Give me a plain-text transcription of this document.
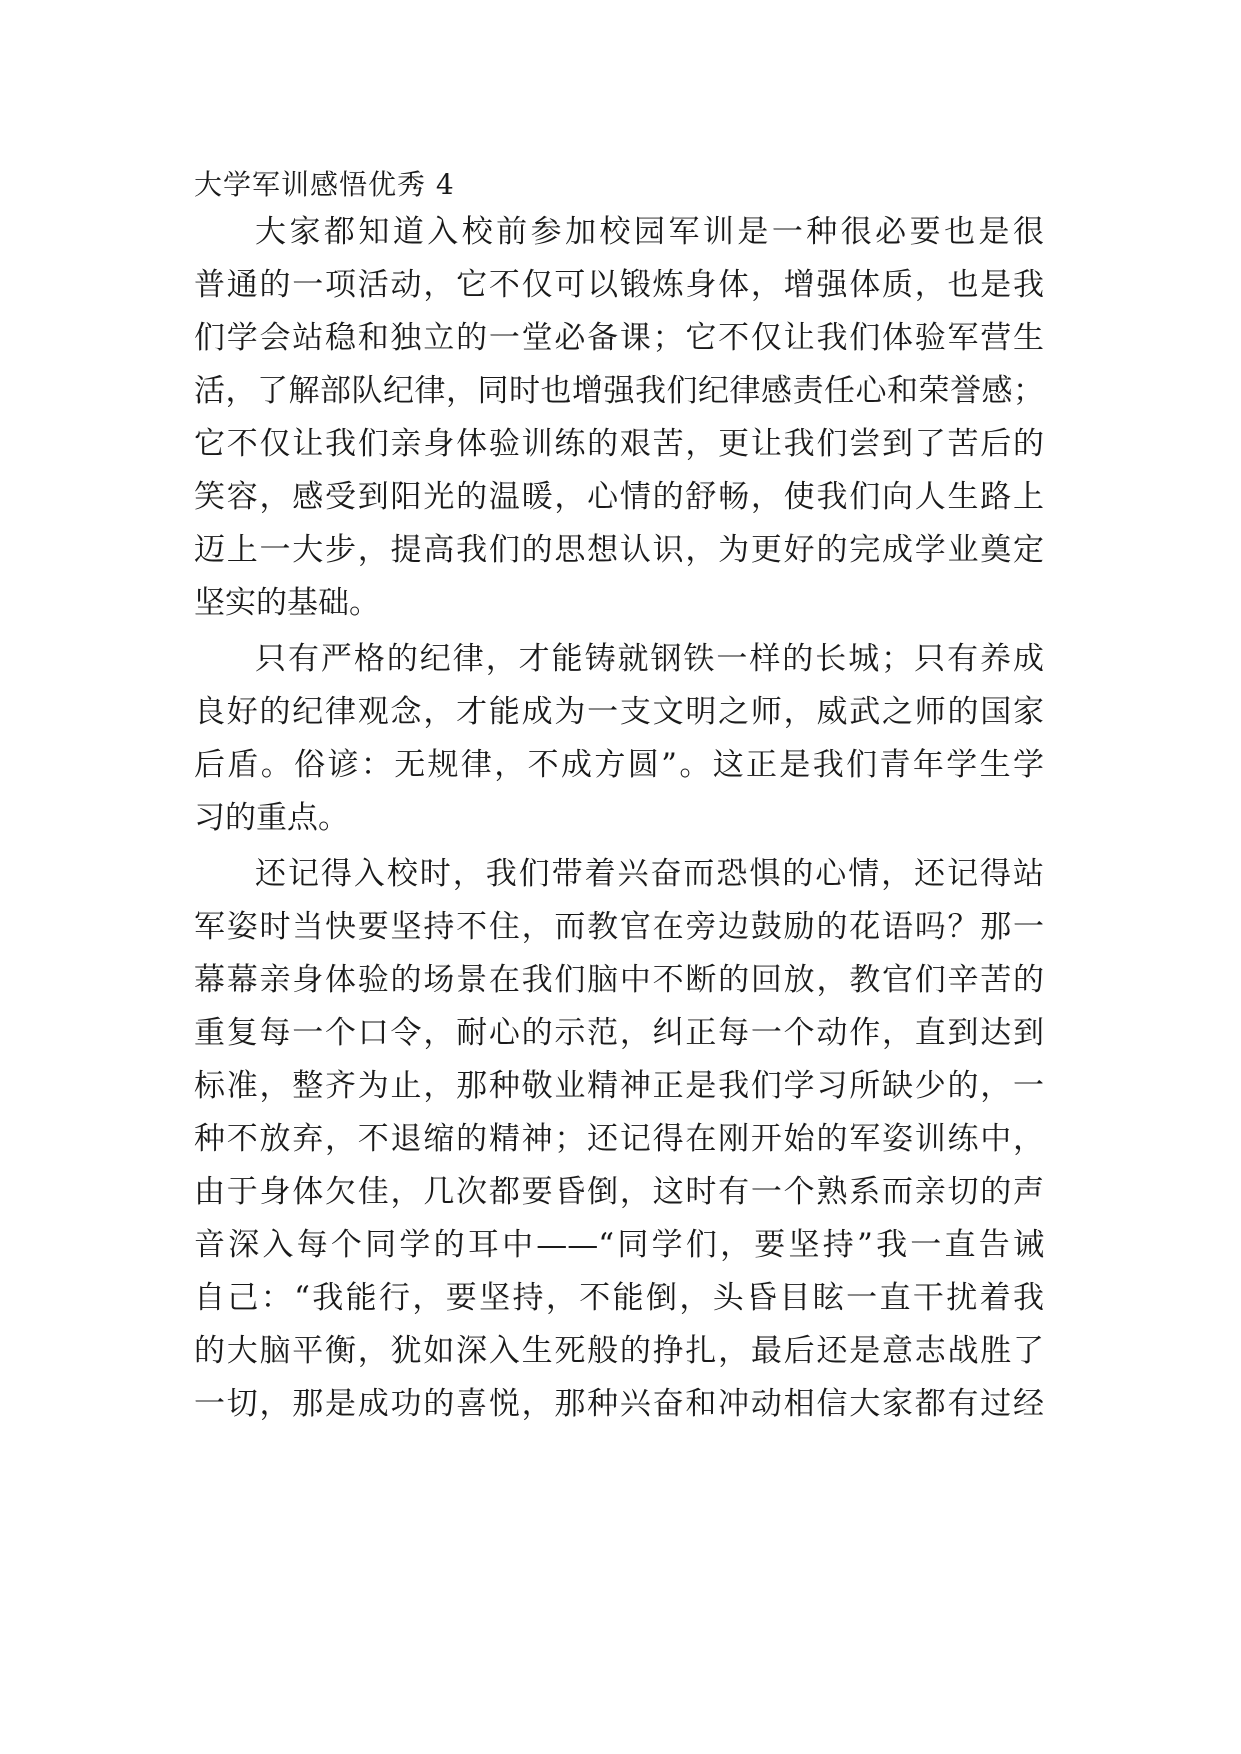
大学军训感悟优秀 4
大家都知道入校前参加校园军训是一种很必要也是很
普通的一项活动，它不仅可以锻炼身体，增强体质，也是我
们学会站稳和独立的一堂必备课；它不仅让我们体验军营生
活，了解部队纪律，同时也增强我们纪律感责任心和荣誉感；
它不仅让我们亲身体验训练的艰苦，更让我们尝到了苦后的
笑容，感受到阳光的温暖，心情的舒畅，使我们向人生路上
迈上一大步，提高我们的思想认识，为更好的完成学业奠定
坚实的基础。
只有严格的纪律，才能铸就钢铁一样的长城；只有养成
良好的纪律观念，才能成为一支文明之师，威武之师的国家
后盾。俗谚：无规律，不成方圆”。这正是我们青年学生学
习的重点。
还记得入校时，我们带着兴奋而恐惧的心情，还记得站
军姿时当快要坚持不住，而教官在旁边鼓励的花语吗？那一
幕幕亲身体验的场景在我们脑中不断的回放，教官们辛苦的
重复每一个口令，耐心的示范，纠正每一个动作，直到达到
标准，整齐为止，那种敬业精神正是我们学习所缺少的，一
种不放弃，不退缩的精神；还记得在刚开始的军姿训练中，
由于身体欠佳，几次都要昏倒，这时有一个熟系而亲切的声
音深入每个同学的耳中——“同学们，要坚持”我一直告诫
自己：“我能行，要坚持，不能倒，头昏目眩一直干扰着我
的大脑平衡，犹如深入生死般的挣扎，最后还是意志战胜了
一切，那是成功的喜悦，那种兴奋和冲动相信大家都有过经
